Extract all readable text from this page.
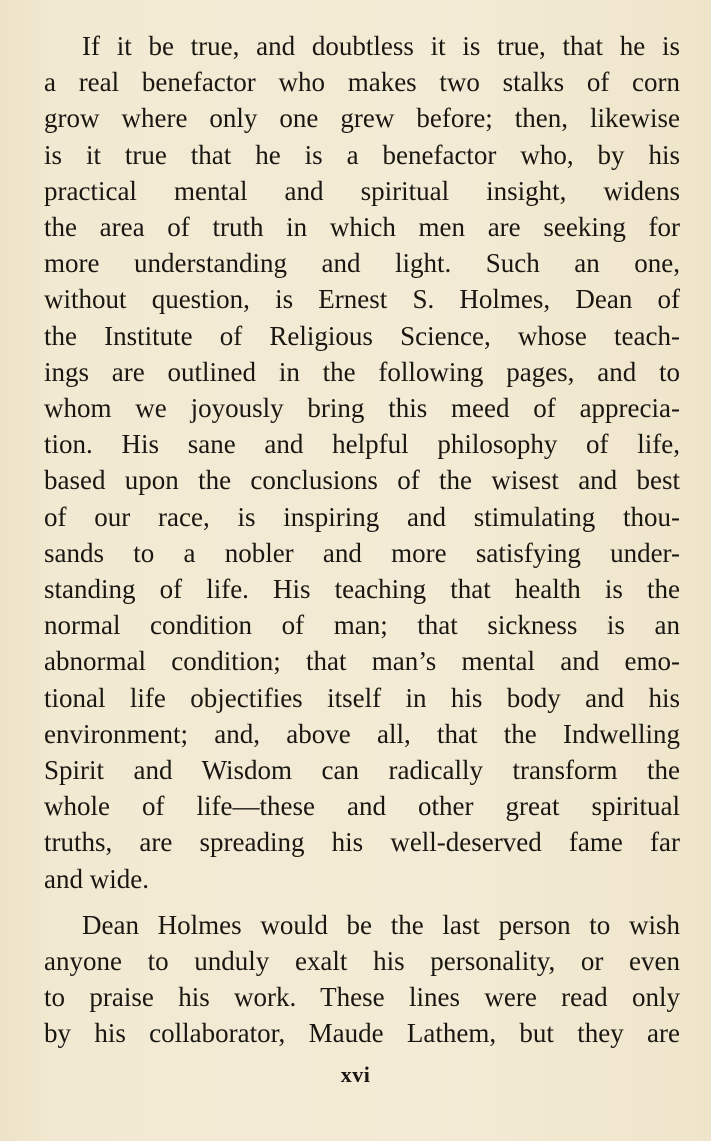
If it be true, and doubtless it is true, that he is
a real benefactor who makes two stalks of corn
grow where only one grew before; then, likewise
is it true that he is a benefactor who, by his
practical mental and spiritual insight, widens
the area of truth in which men are seeking for
more understanding and light. Such an one,
without question, is Ernest S. Holmes, Dean of
the Institute of Religious Science, whose teach-
ings are outlined in the following pages, and to
whom we joyously bring this meed of apprecia-
tion. His sane and helpful philosophy of life,
based upon the conclusions of the wisest and best
of our race, is inspiring and stimulating thou-
sands to a nobler and more satisfying under-
standing of life. His teaching that health is the
normal condition of man; that sickness is an
abnormal condition; that man’s mental and emo-
tional life objectifies itself in his body and his
environment; and, above all, that the Indwelling
Spirit and Wisdom can radically transform the
whole of life—these and other great spiritual
truths, are spreading his well-deserved fame far
and wide.
Dean Holmes would be the last person to wish
anyone to unduly exalt his personality, or even
to praise his work. These lines were read only
by his collaborator, Maude Lathem, but they are
xvi
